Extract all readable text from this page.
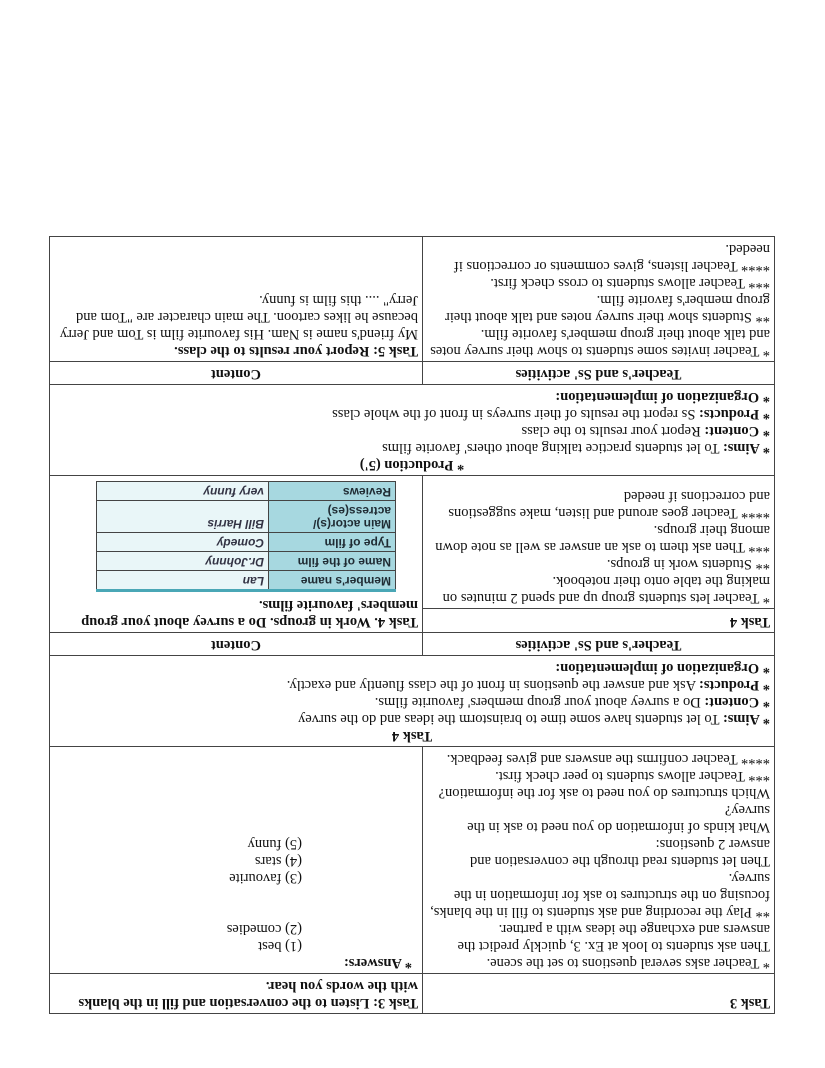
Task 3	Task 3: Listen to the conversation and fill in the blanks with the words you hear.

* Teacher asks several questions to set the scene.

Then ask students to look at Ex. 3, quickly predict the answers and exchange the ideas with a partner.

** Play the recording and ask students to fill in the blanks, focusing on the structures to ask for information in the survey.

Then let students read through the conversation and answer 2 questions:

What kinds of information do you need to ask in the survey?

Which structures do you need to ask for the information?

*** Teacher allows students to peer check first.

**** Teacher confirms the answers and gives feedback.

* Answers:

(1) best

(2) comedies

(3) favourite

(4) stars

(5) funny

Task 4

* Aims: To let students have some time to brainstorm the ideas and do the survey

* Content: Do a survey about your group members' favourite films.

* Products: Ask and answer the questions in front of the class fluently and exactly.

* Organization of implementation:

Teacher's and Ss' activities	Content
Task 4	

Task 4. Work in groups. Do a survey about your group members' favourite films.

Member's name	Lan
Name of the film	Dr.Johnny
Type of film	Comedy
Main actor(s)/ actress(es)	Bill Harris
Reviews	very funny

* Teacher lets students group up and spend 2 minutes on making the table onto their notebook.

** Students work in groups.

*** Then ask them to ask an answer as well as note down among their groups.

**** Teacher goes around and listen, make suggestions and corrections if needed

* Production (5')

* Aims: To let students practice talking about others' favorite films

* Content: Report your results to the class

* Products: Ss report the results of their surveys in front of the whole class

* Organization of implementation:

Teacher's and Ss' activities	Content

* Teacher invites some students to show their survey notes and talk about their group member's favorite film.

** Students show their survey notes and talk about their group member's favorite film.

*** Teacher allows students to cross check first.

**** Teacher listens, gives comments or corrections if needed.

Task 5: Report your results to the class.

My friend's name is Nam. His favourite film is Tom and Jerry because he likes cartoon. The main character are "Tom and Jerry" .... this film is funny.
